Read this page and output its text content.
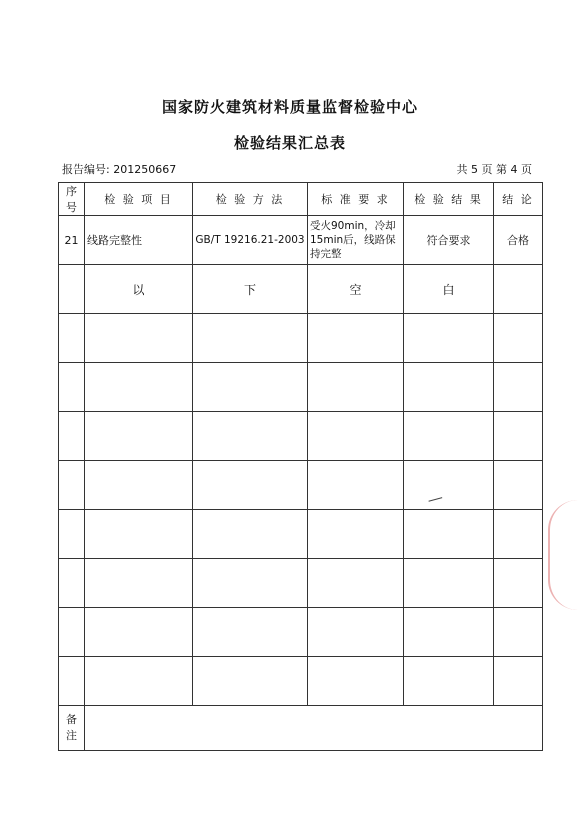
国家防火建筑材料质量监督检验中心
检验结果汇总表
报告编号: 201250667	共 5 页 第 4 页
序号	检 验 项 目	检 验 方 法	标 准 要 求	检 验 结 果	结 论
21	线路完整性	GB/T 19216.21-2003	受火90min，冷却15min后，线路保持完整	符合要求	合格
	以	下	空	白	

备注					
